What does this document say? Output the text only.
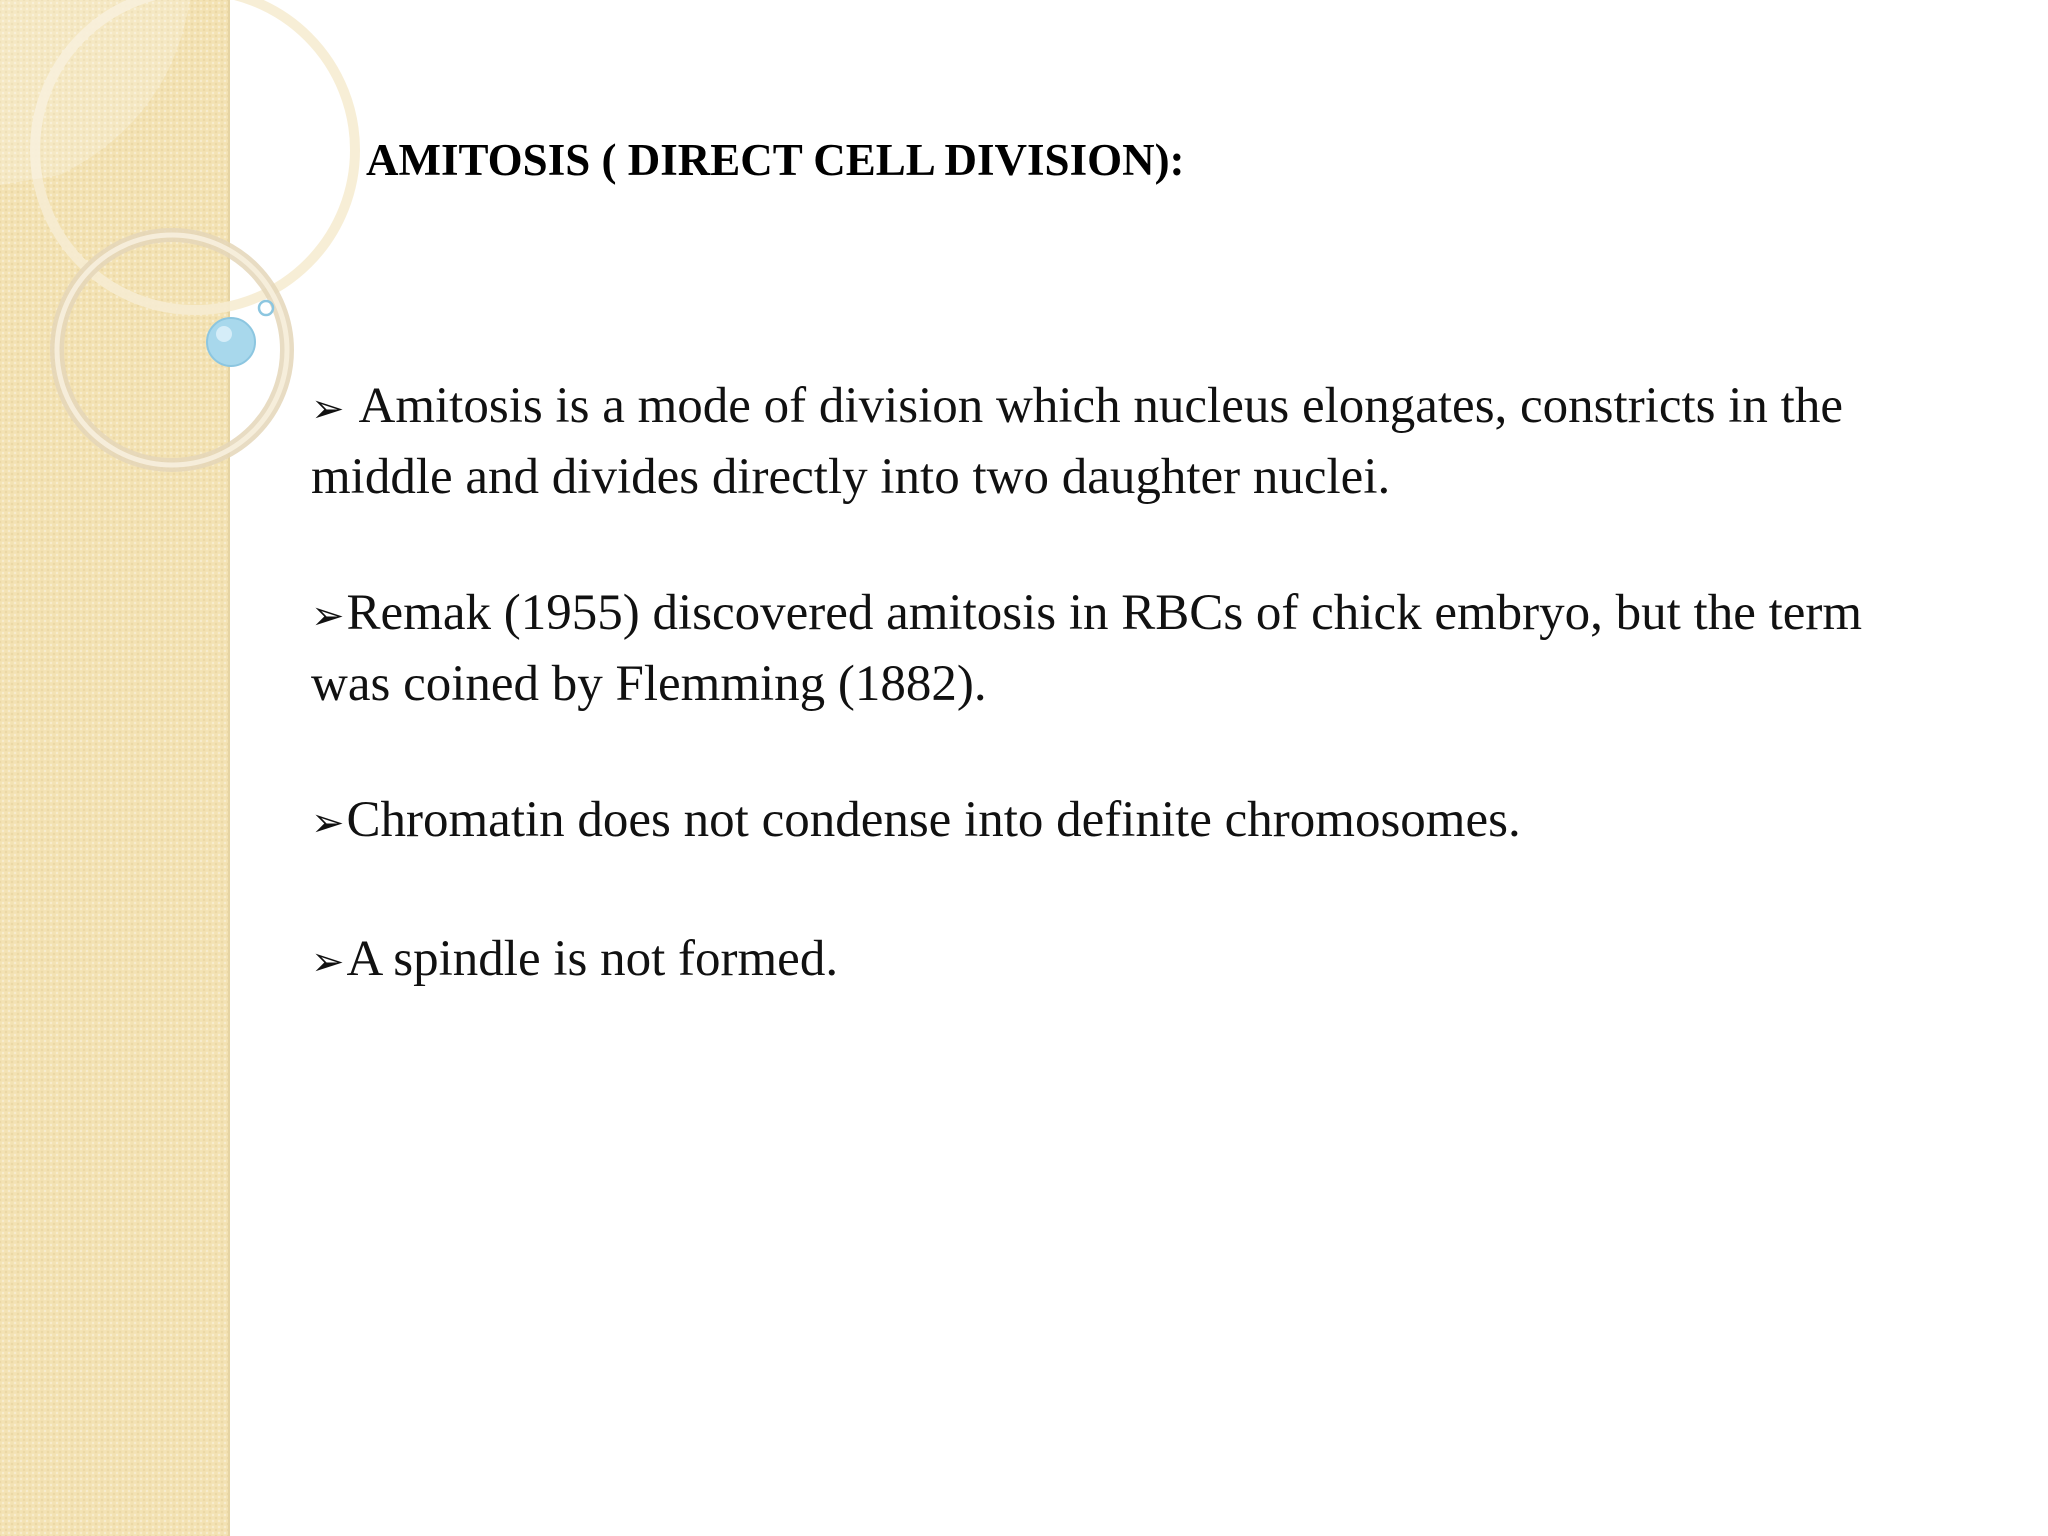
AMITOSIS ( DIRECT CELL DIVISION):

➢ Amitosis is a mode of division which nucleus elongates, constricts in the middle and divides directly into two daughter nuclei.

➢Remak (1955) discovered amitosis in RBCs of chick embryo, but the term was coined by Flemming (1882).

➢Chromatin does not condense into definite chromosomes.

➢A spindle is not formed.
